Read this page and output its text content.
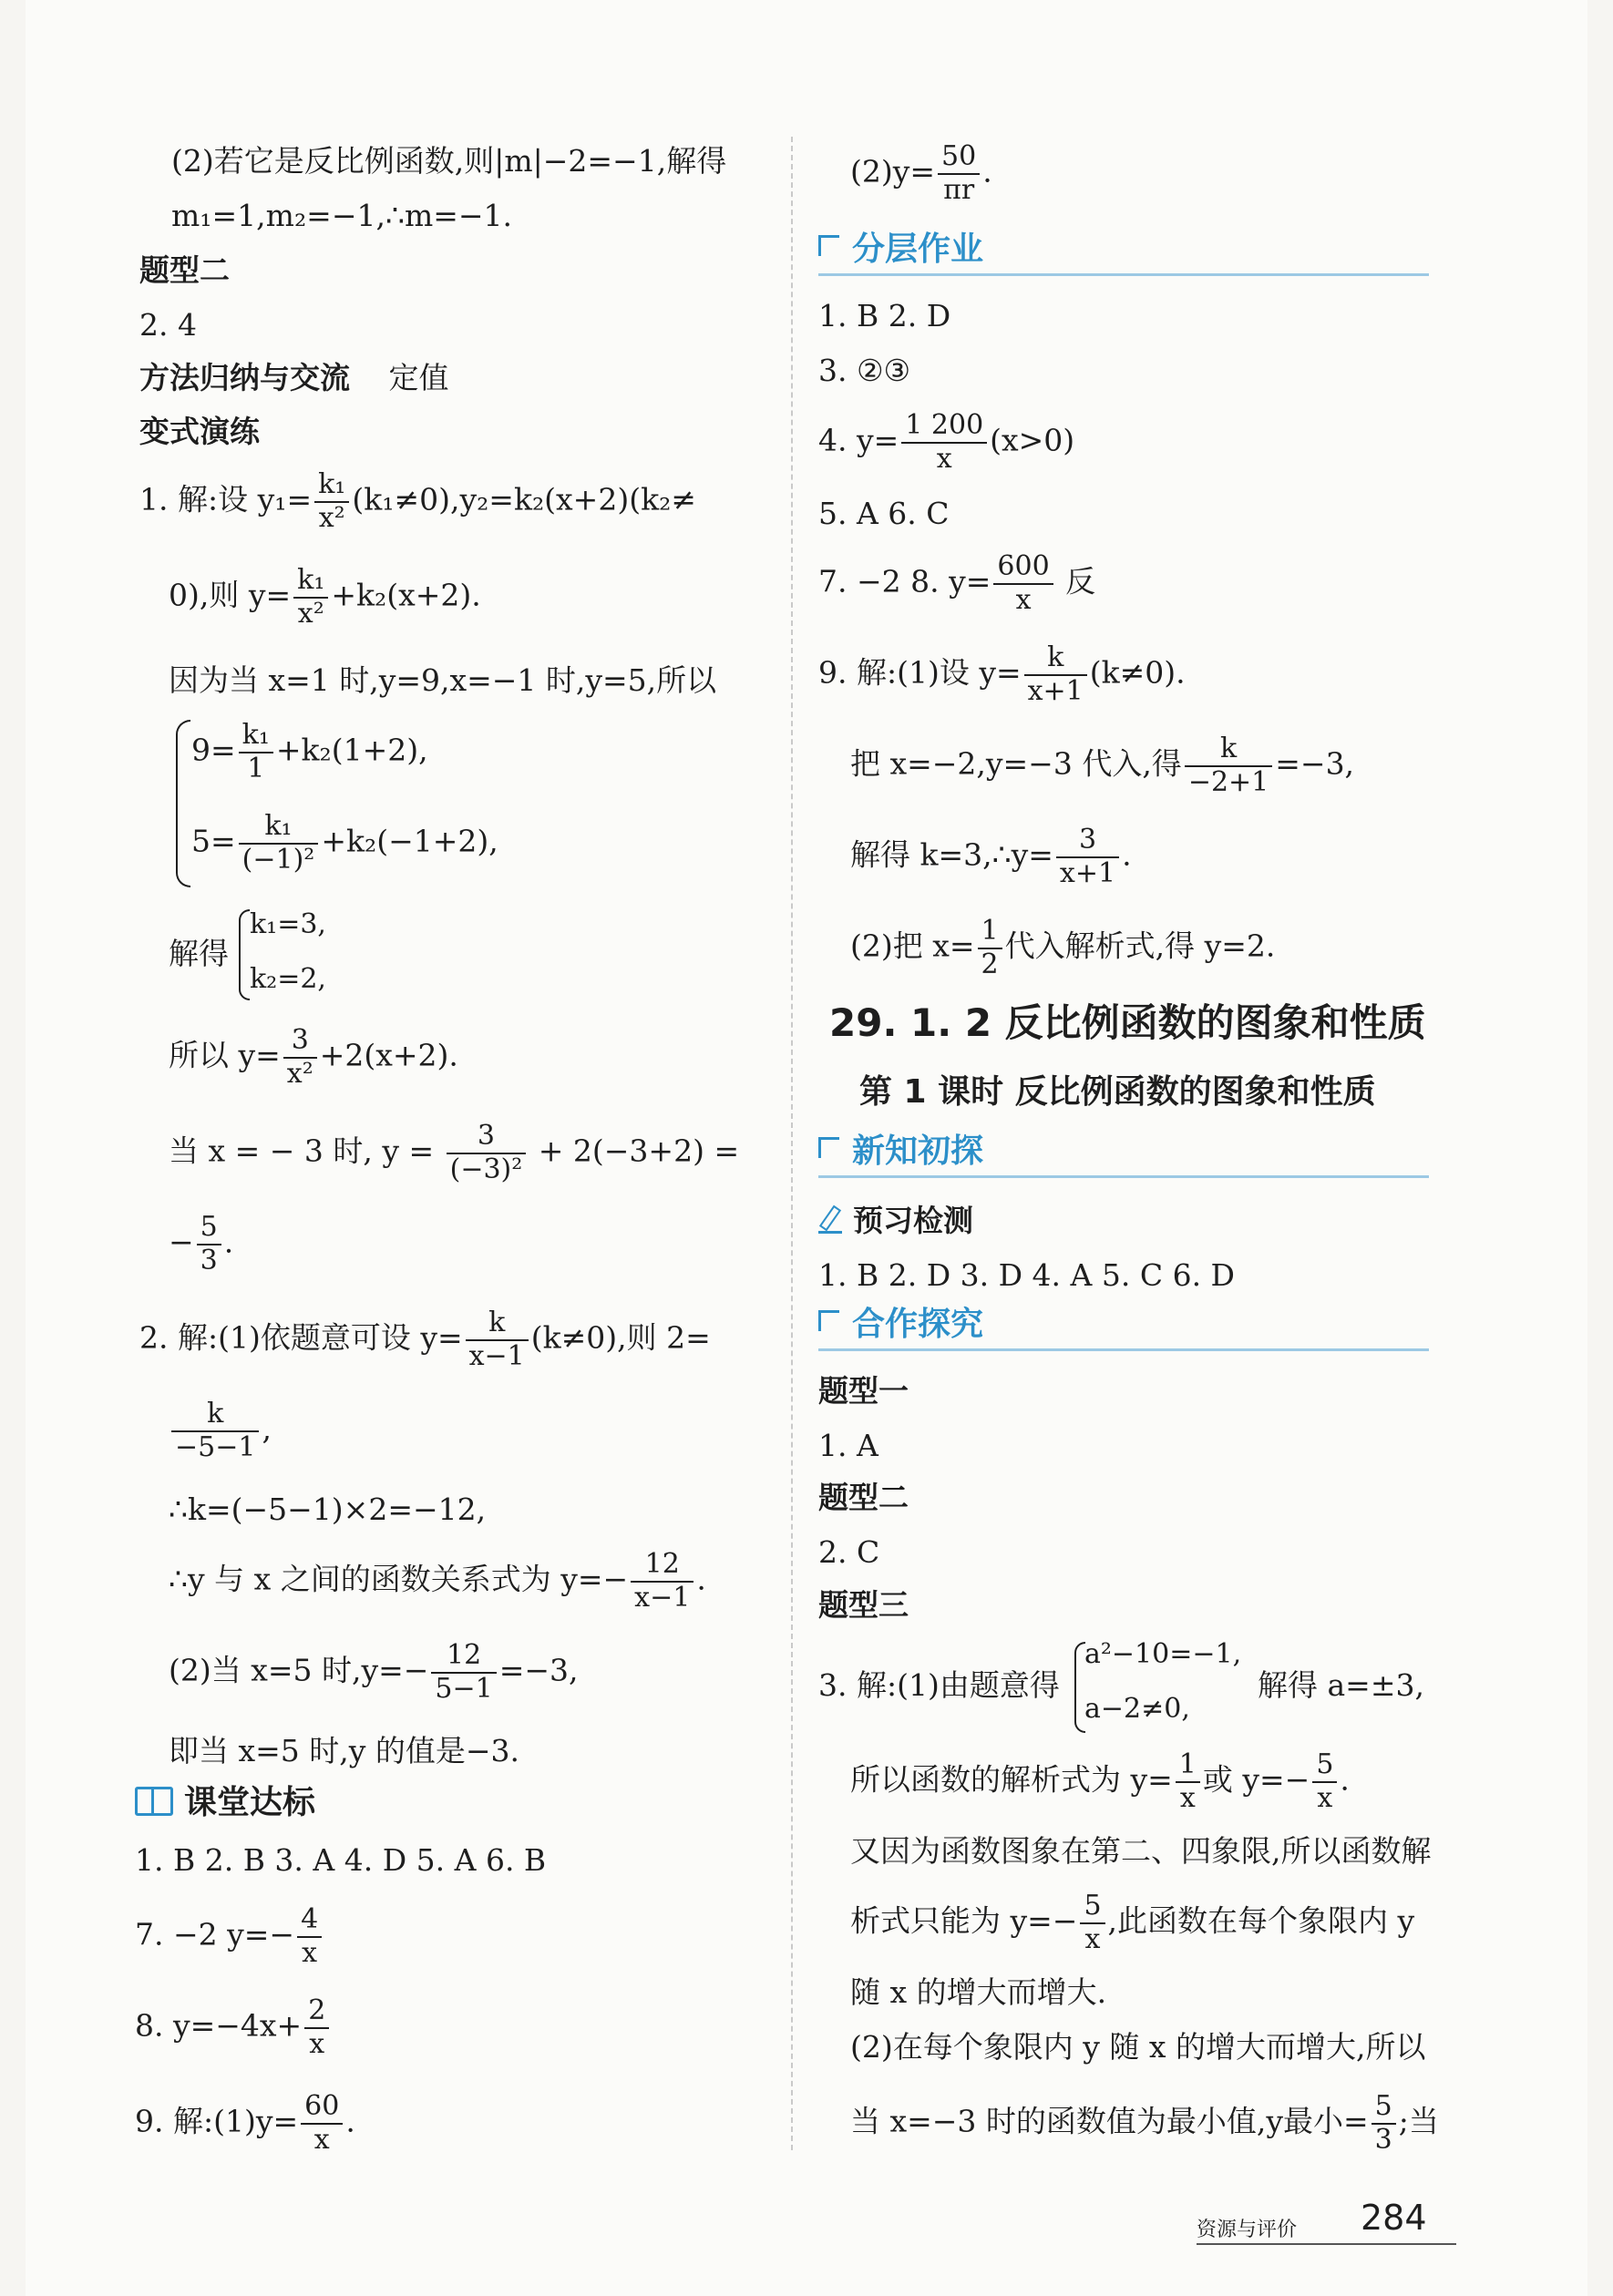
(2)若它是反比例函数,则|m|−2=−1,解得
m₁=1,m₂=−1,∴m=−1.
题型二
2. 4
方法归纳与交流 定值
变式演练
1. 解:设 $y_1= \frac{\text{k₁}}{\text{x²}} (k_1\ne 0),y_2=k_2(x+2)(k_2\ne$
0),则 $y= \frac{\text{k₁}}{\text{x²}} +k_2(x+2)$.
因为当 x=1 时,y=9,x=−1 时,y=5,所以
$9= \frac{\text{k₁}}{1} +k_2(1+2)$,
$5= \frac{\text{k₁}}{\text{(−1)²}} +k_2(-1+2)$,
解得
k₁=3,
k₂=2,
所以 $y= \frac{3}{\text{x²}} +2(x+2)$.
当 x = − 3 时, $y = \frac{3}{\text{(−3)²}} + 2(-3+2)$ =
− $\frac{5}{3}$ .
2. 解:(1)依题意可设 $y= \frac{k}{x-1} (k\ne 0)$,则 2=
$\frac{k}{-5-1}$ ,
∴k=(−5−1)×2=−12,
∴y 与 x 之间的函数关系式为 $y=- \frac{12}{x-1}$ .
(2)当 x=5 时$,y=- \frac{12}{5-1} =-3$,
即当 x=5 时,y 的值是−3.
课堂达标
1. B 2. B 3. A 4. D 5. A 6. B
7. −2 $y=- \frac{4}{x}$
8. $y=-4x+ \frac{2}{x}$
9. 解:(1)y= $\frac{60}{x}$ .
$(2)y= \frac{50}{\pi r}$ .
分层作业
1. B 2. D
3. ②③
4. $y= \frac{1 200}{x} (x>0)$
5. A 6. C
7. −2 8. $y= \frac{600}{x}$ 反
9. 解:(1)设 $y= \frac{k}{x+1} (k\ne 0)$.
把 x=−2,y=−3 代入,得 $\frac{k}{-2+1} =-3$,
解得 k=3,∴y= $\frac{3}{x+1}$ .
(2)把 $x= \frac{1}{2}$ 代入解析式,得 y=2.
29. 1. 2 反比例函数的图象和性质
第 1 课时 反比例函数的图象和性质
新知初探
预习检测
1. B 2. D 3. D 4. A 5. C 6. D
合作探究
题型一
1. A
题型二
2. C
题型三
3. 解:(1)由题意得
a²−10=−1,
a−2≠0,
解得 a=±3,
所以函数的解析式为 $y= \frac{1}{x}$ 或 $y=- \frac{5}{x}$ .
又因为函数图象在第二、四象限,所以函数解
析式只能为 $y=- \frac{5}{x}$ ,此函数在每个象限内 y
随 x 的增大而增大.
(2)在每个象限内 y 随 x 的增大而增大,所以
当 x=−3 时的函数值为最小值,y最小= $\frac{5}{3}$ ;当
资源与评价 284
